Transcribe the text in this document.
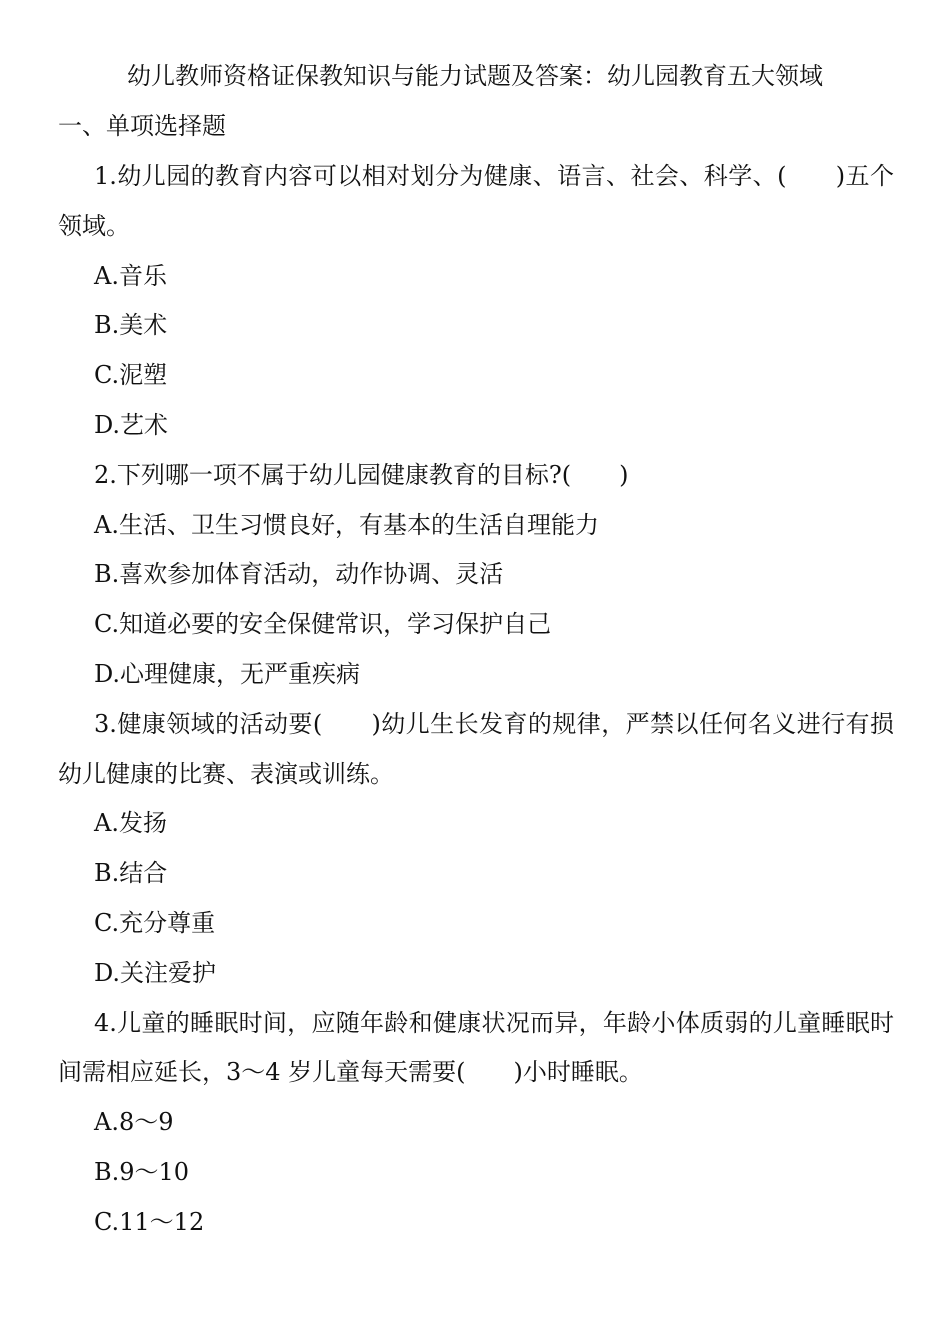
幼儿教师资格证保教知识与能力试题及答案：幼儿园教育五大领域
一、单项选择题

1.幼儿园的教育内容可以相对划分为健康、语言、社会、科学、(　　)五个领域。

A.音乐

B.美术

C.泥塑

D.艺术

2.下列哪一项不属于幼儿园健康教育的目标?(　　)

A.生活、卫生习惯良好，有基本的生活自理能力

B.喜欢参加体育活动，动作协调、灵活

C.知道必要的安全保健常识，学习保护自己

D.心理健康，无严重疾病

3.健康领域的活动要(　　)幼儿生长发育的规律，严禁以任何名义进行有损幼儿健康的比赛、表演或训练。

A.发扬

B.结合

C.充分尊重

D.关注爱护

4.儿童的睡眠时间，应随年龄和健康状况而异，年龄小体质弱的儿童睡眠时间需相应延长，3～4 岁儿童每天需要(　　)小时睡眠。

A.8～9

B.9～10

C.11～12
